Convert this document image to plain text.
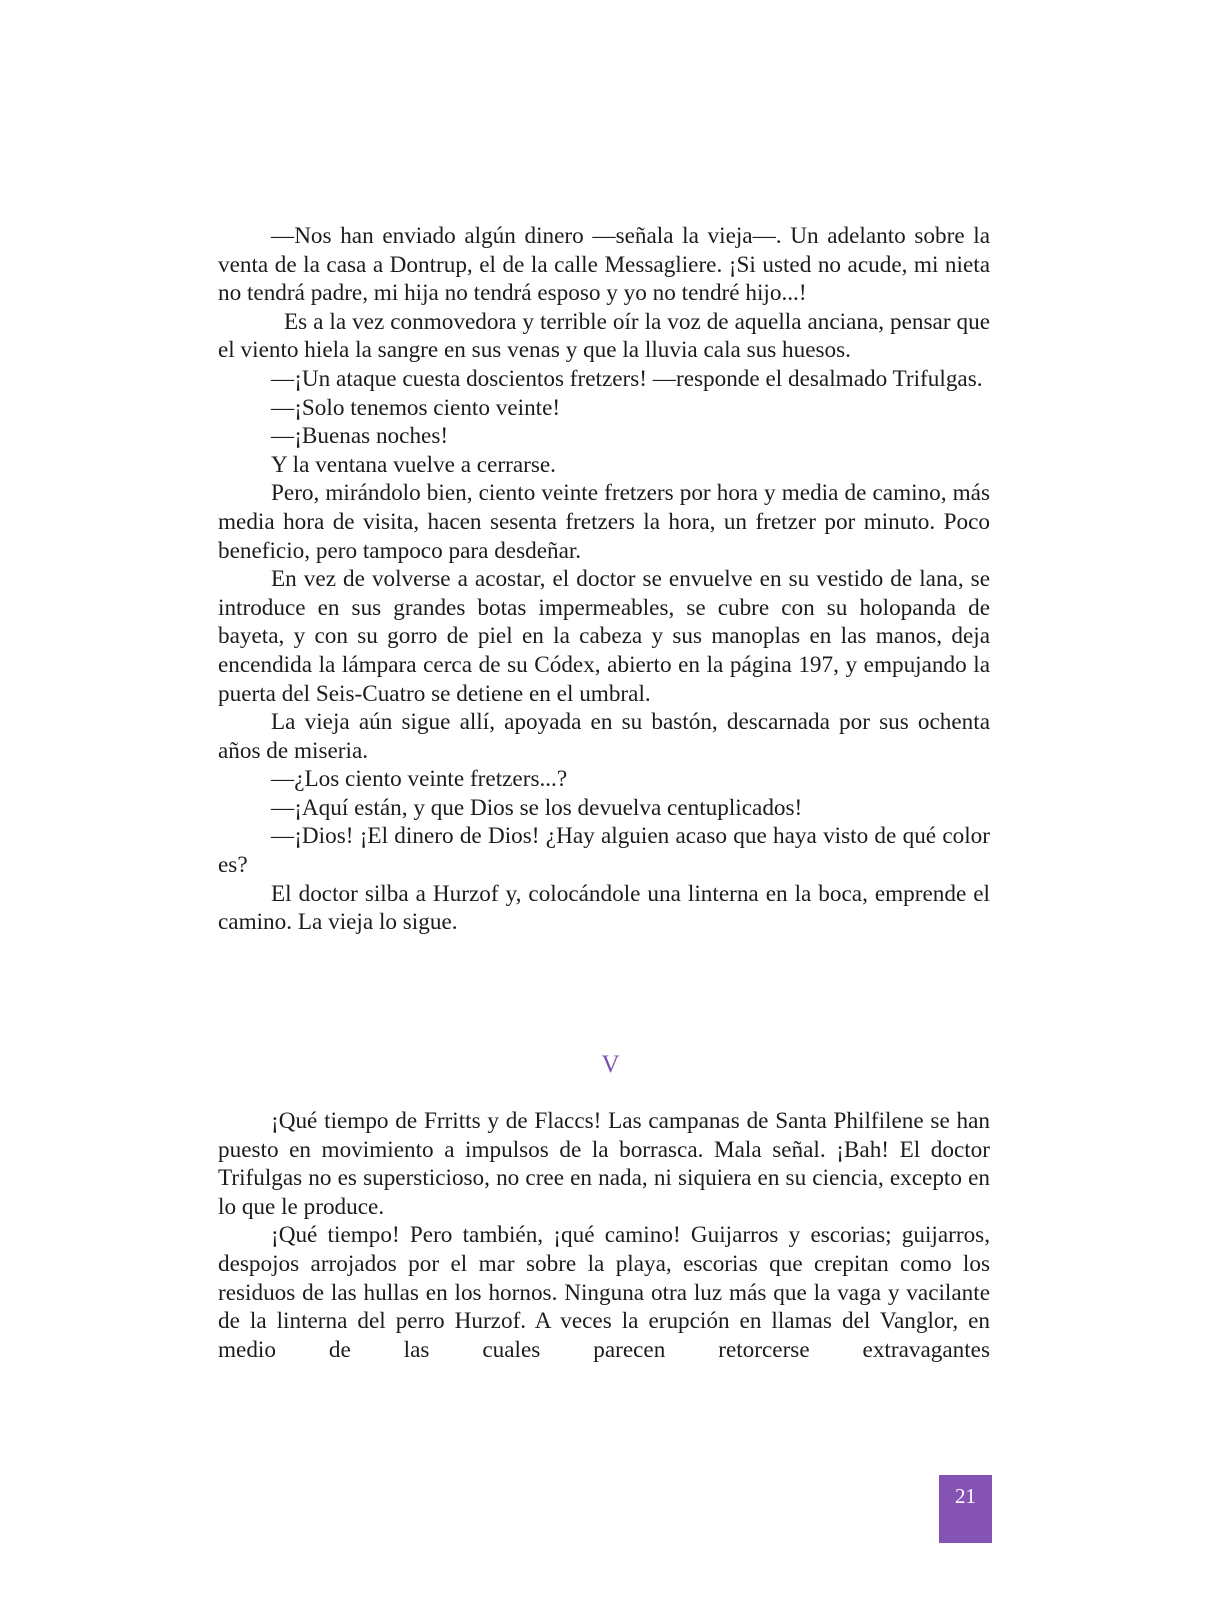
—Nos han enviado algún dinero —señala la vieja—. Un adelanto sobre la venta de la casa a Dontrup, el de la calle Messagliere. ¡Si usted no acude, mi nieta no tendrá padre, mi hija no tendrá esposo y yo no tendré hijo...!

Es a la vez conmovedora y terrible oír la voz de aquella anciana, pensar que el viento hiela la sangre en sus venas y que la lluvia cala sus huesos.

—¡Un ataque cuesta doscientos fretzers! —responde el desalmado Trifulgas.

—¡Solo tenemos ciento veinte!

—¡Buenas noches!

Y la ventana vuelve a cerrarse.

Pero, mirándolo bien, ciento veinte fretzers por hora y media de camino, más media hora de visita, hacen sesenta fretzers la hora, un fretzer por minuto. Poco beneficio, pero tampoco para desdeñar.

En vez de volverse a acostar, el doctor se envuelve en su vestido de lana, se introduce en sus grandes botas impermeables, se cubre con su holopanda de bayeta, y con su gorro de piel en la cabeza y sus manoplas en las manos, deja encendida la lámpara cerca de su Códex, abierto en la página 197, y empujando la puerta del Seis-Cuatro se detiene en el umbral.

La vieja aún sigue allí, apoyada en su bastón, descarnada por sus ochenta años de miseria.

—¿Los ciento veinte fretzers...?

—¡Aquí están, y que Dios se los devuelva centuplicados!

—¡Dios! ¡El dinero de Dios! ¿Hay alguien acaso que haya visto de qué color es?

El doctor silba a Hurzof y, colocándole una linterna en la boca, emprende el camino. La vieja lo sigue.

V

¡Qué tiempo de Frritts y de Flaccs! Las campanas de Santa Philfilene se han puesto en movimiento a impulsos de la borrasca. Mala señal. ¡Bah! El doctor Trifulgas no es supersticioso, no cree en nada, ni siquiera en su ciencia, excepto en lo que le produce.

¡Qué tiempo! Pero también, ¡qué camino! Guijarros y escorias; guijarros, despojos arrojados por el mar sobre la playa, escorias que crepitan como los residuos de las hullas en los hornos. Ninguna otra luz más que la vaga y vacilante de la linterna del perro Hurzof. A veces la erupción en llamas del Vanglor, en medio de las cuales parecen retorcerse extravagantes

21
